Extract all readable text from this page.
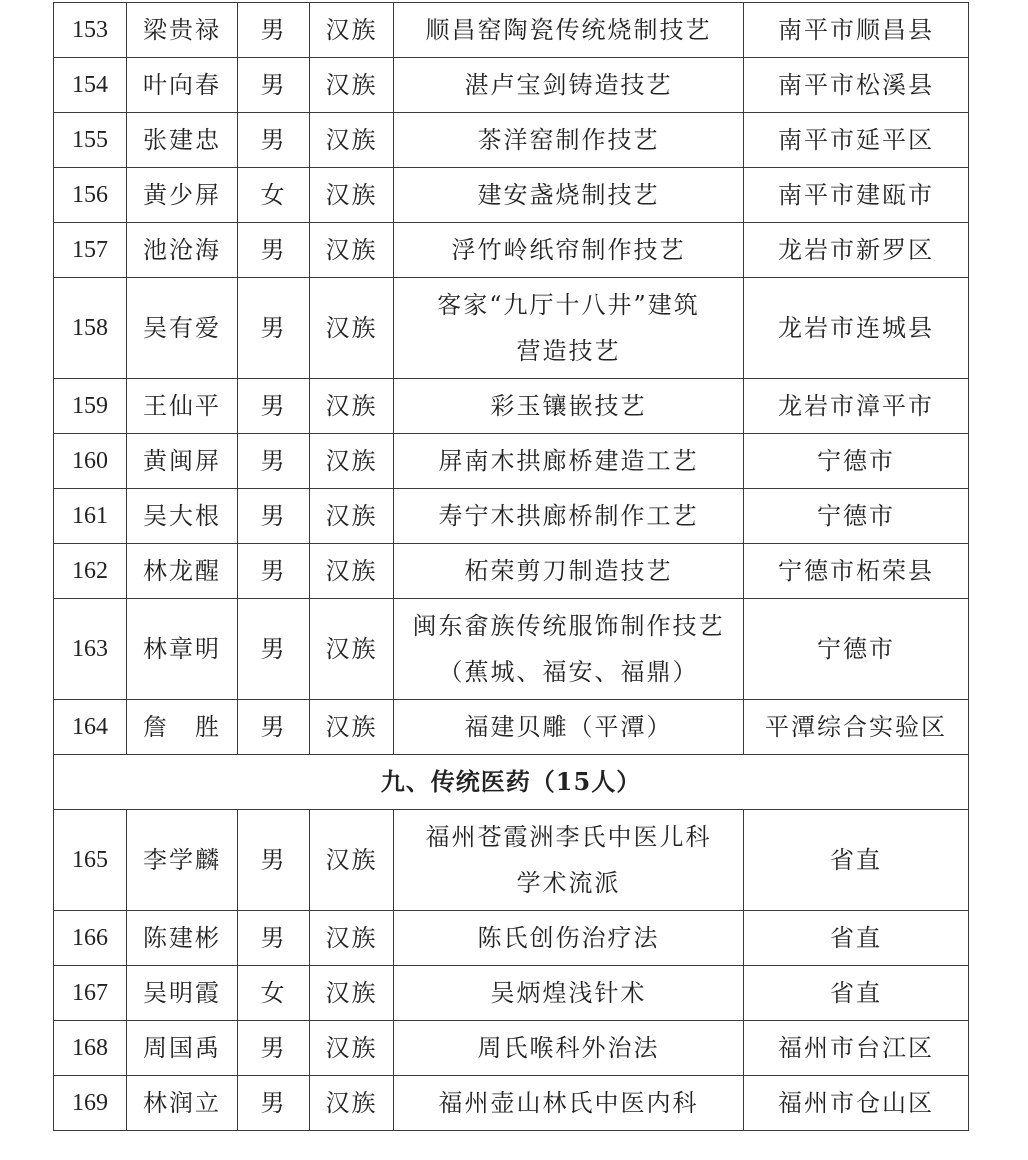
153	梁贵禄	男	汉族	顺昌窑陶瓷传统烧制技艺	南平市顺昌县
154	叶向春	男	汉族	湛卢宝剑铸造技艺	南平市松溪县
155	张建忠	男	汉族	茶洋窑制作技艺	南平市延平区
156	黄少屏	女	汉族	建安盏烧制技艺	南平市建瓯市
157	池沧海	男	汉族	浮竹岭纸帘制作技艺	龙岩市新罗区
158	吴有爱	男	汉族	客家“九厅十八井”建筑
营造技艺	龙岩市连城县
159	王仙平	男	汉族	彩玉镶嵌技艺	龙岩市漳平市
160	黄闽屏	男	汉族	屏南木拱廊桥建造工艺	宁德市
161	吴大根	男	汉族	寿宁木拱廊桥制作工艺	宁德市
162	林龙醒	男	汉族	柘荣剪刀制造技艺	宁德市柘荣县
163	林章明	男	汉族	闽东畲族传统服饰制作技艺
（蕉城、福安、福鼎）	宁德市
164	詹　胜	男	汉族	福建贝雕（平潭）	平潭综合实验区
九、传统医药（15人）					
165	李学麟	男	汉族	福州苍霞洲李氏中医儿科
学术流派	省直
166	陈建彬	男	汉族	陈氏创伤治疗法	省直
167	吴明霞	女	汉族	吴炳煌浅针术	省直
168	周国禹	男	汉族	周氏喉科外治法	福州市台江区
169	林润立	男	汉族	福州壶山林氏中医内科	福州市仓山区
